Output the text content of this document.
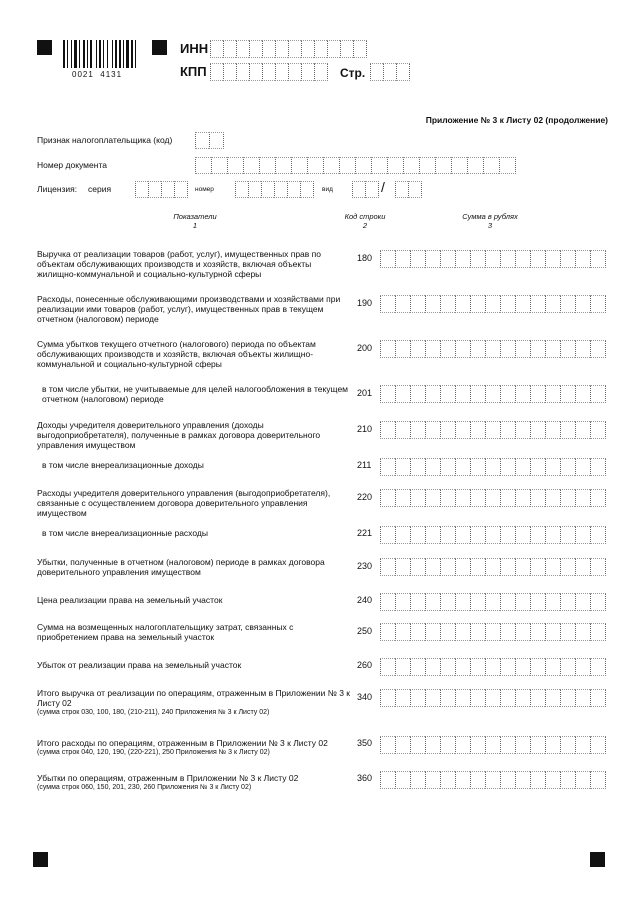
0021  4131
ИНН
КПП	Стр.
Приложение № 3 к Листу 02 (продолжение)
Признак налогоплательщика (код)
Номер документа
Лицензия: серия	номер	вид	/
Показатели
1
Код строки
2
Сумма в рублях
3
Выручка от реализации товаров (работ, услуг), имущественных прав по объектам обслуживающих производств и хозяйств, включая объекты жилищно-коммунальной и социально-культурной сферы
180
Расходы, понесенные обслуживающими производствами и хозяйствами при реализации ими товаров (работ, услуг), имущественных прав в текущем отчетном (налоговом) периоде
190
Сумма убытков текущего отчетного (налогового) периода по объектам обслуживающих производств и хозяйств, включая объекты жилищно-коммунальной и социально-культурной сферы
200
в том числе убытки, не учитываемые для целей налогообложения в текущем отчетном (налоговом) периоде
201
Доходы учредителя доверительного управления (доходы выгодоприобретателя), полученные в рамках договора доверительного управления имуществом
210
в том числе внереализационные доходы	211
Расходы учредителя доверительного управления (выгодоприобретателя), связанные с осуществлением договора доверительного управления имуществом
220
в том числе внереализационные расходы	221
Убытки, полученные в отчетном (налоговом) периоде в рамках договора доверительного управления имуществом
230
Цена реализации права на земельный участок	240
Сумма на возмещенных налогоплательщику затрат, связанных с приобретением права на земельный участок
250
Убыток от реализации права на земельный участок	260
Итого выручка от реализации по операциям, отраженным в Приложении № 3 к Листу 02
(сумма строк 030, 100, 180, (210-211), 240 Приложения № 3 к Листу 02)
340
Итого расходы по операциям, отраженным в Приложении № 3 к Листу 02
(сумма строк 040, 120, 190, (220-221), 250 Приложения № 3 к Листу 02)
350
Убытки по операциям, отраженным в Приложении № 3 к Листу 02
(сумма строк 060, 150, 201, 230, 260 Приложения № 3 к Листу 02)
360
